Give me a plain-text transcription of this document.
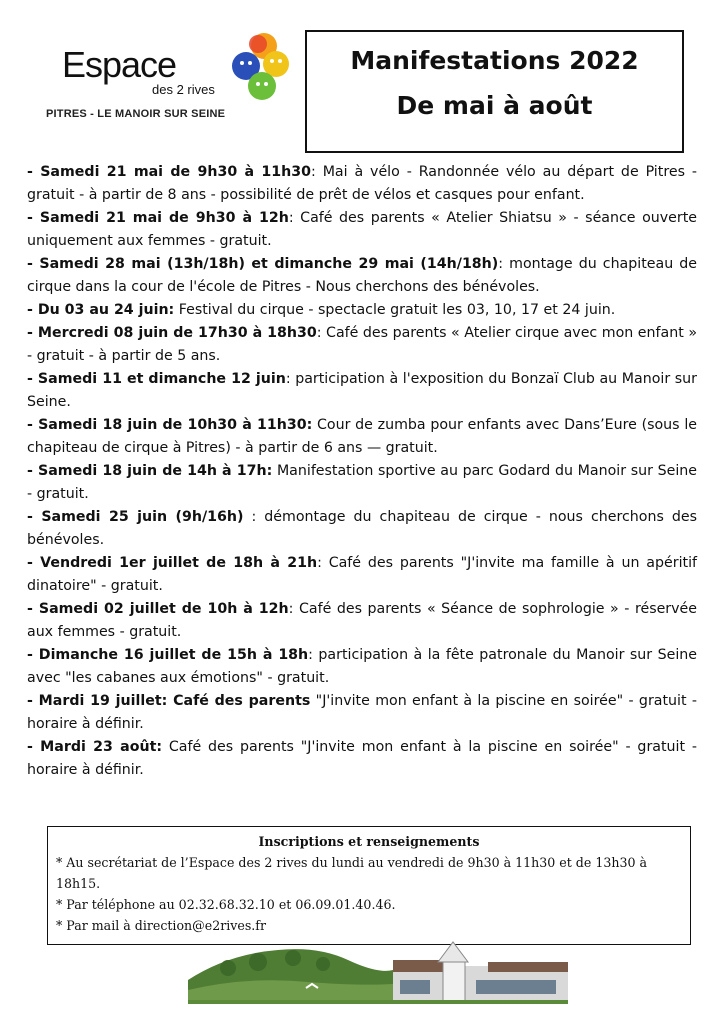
Espace
des 2 rives
PITRES - LE MANOIR SUR SEINE
Manifestations 2022
De mai à août

- Samedi 21 mai de 9h30 à 11h30: Mai à vélo - Randonnée vélo au départ de Pitres - gratuit - à partir de 8 ans - possibilité de prêt de vélos et casques pour enfant.

- Samedi 21 mai de 9h30 à 12h: Café des parents « Atelier Shiatsu » - séance ouverte uniquement aux femmes - gratuit.

- Samedi 28 mai (13h/18h) et dimanche 29 mai (14h/18h): montage du chapiteau de cirque dans la cour de l'école de Pitres - Nous cherchons des bénévoles.

- Du 03 au 24 juin: Festival du cirque - spectacle gratuit les 03, 10, 17 et 24 juin.

- Mercredi 08 juin de 17h30 à 18h30: Café des parents « Atelier cirque avec mon enfant » - gratuit - à partir de 5 ans.

- Samedi 11 et dimanche 12 juin: participation à l'exposition du Bonzaï Club au Manoir sur Seine.

- Samedi 18 juin de 10h30 à 11h30: Cour de zumba pour enfants avec Dans’Eure (sous le chapiteau de cirque à Pitres) - à partir de 6 ans — gratuit.

- Samedi 18 juin de 14h à 17h: Manifestation sportive au parc Godard du Manoir sur Seine - gratuit.

- Samedi 25 juin (9h/16h) : démontage du chapiteau de cirque - nous cherchons des bénévoles.

- Vendredi 1er juillet de 18h à 21h: Café des parents "J'invite ma famille à un apéritif dinatoire" - gratuit.

- Samedi 02 juillet de 10h à 12h: Café des parents « Séance de sophrologie » - réservée aux femmes - gratuit.

- Dimanche 16 juillet de 15h à 18h: participation à la fête patronale du Manoir sur Seine avec "les cabanes aux émotions" - gratuit.

- Mardi 19 juillet: Café des parents "J'invite mon enfant à la piscine en soirée" - gratuit - horaire à définir.

- Mardi 23 août: Café des parents "J'invite mon enfant à la piscine en soirée" - gratuit - horaire à définir.

Inscriptions et renseignements

* Au secrétariat de l’Espace des 2 rives du lundi au vendredi de 9h30 à 11h30 et de 13h30 à 18h15.

* Par téléphone au 02.32.68.32.10 et 06.09.01.40.46.

* Par mail à direction@e2rives.fr
